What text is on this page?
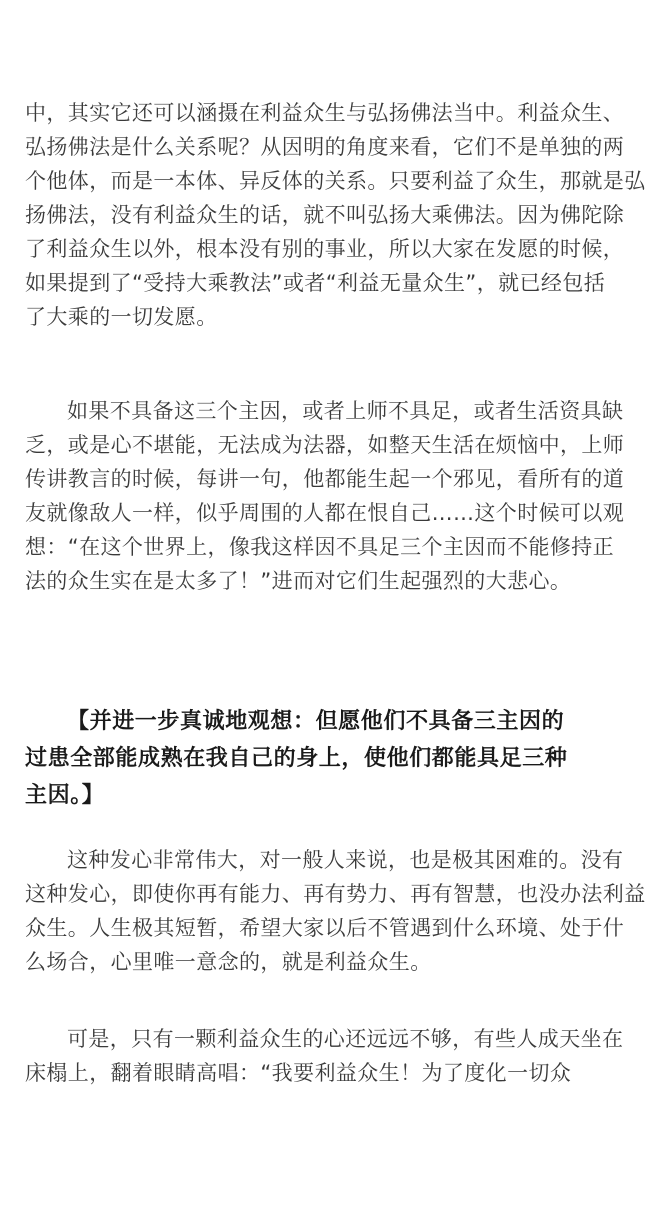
中，其实它还可以涵摄在利益众生与弘扬佛法当中。利益众生、
弘扬佛法是什么关系呢？从因明的角度来看，它们不是单独的两
个他体，而是一本体、异反体的关系。只要利益了众生，那就是弘
扬佛法，没有利益众生的话，就不叫弘扬大乘佛法。因为佛陀除
了利益众生以外，根本没有别的事业，所以大家在发愿的时候，
如果提到了“受持大乘教法”或者“利益无量众生”，就已经包括
了大乘的一切发愿。
如果不具备这三个主因，或者上师不具足，或者生活资具缺
乏，或是心不堪能，无法成为法器，如整天生活在烦恼中，上师
传讲教言的时候，每讲一句，他都能生起一个邪见，看所有的道
友就像敌人一样，似乎周围的人都在恨自己……这个时候可以观
想：“在这个世界上，像我这样因不具足三个主因而不能修持正
法的众生实在是太多了！”进而对它们生起强烈的大悲心。
【并进一步真诚地观想：但愿他们不具备三主因的
过患全部能成熟在我自己的身上，使他们都能具足三种
主因。】
这种发心非常伟大，对一般人来说，也是极其困难的。没有
这种发心，即使你再有能力、再有势力、再有智慧，也没办法利益
众生。人生极其短暂，希望大家以后不管遇到什么环境、处于什
么场合，心里唯一意念的，就是利益众生。
可是，只有一颗利益众生的心还远远不够，有些人成天坐在
床榻上，翻着眼睛高唱：“我要利益众生！为了度化一切众
